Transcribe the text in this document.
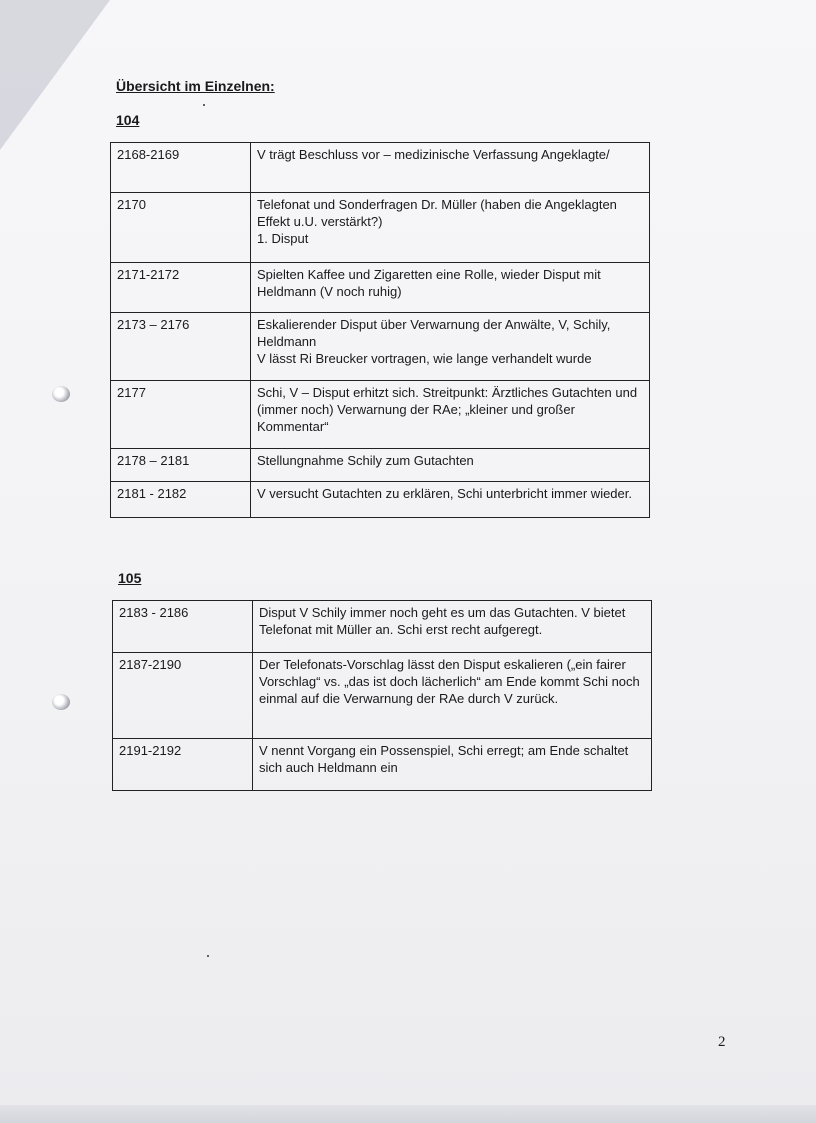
Übersicht im Einzelnen:
104
2168-2169	V trägt Beschluss vor – medizinische Verfassung Angeklagte/
2170	Telefonat und Sonderfragen Dr. Müller (haben die Angeklagten Effekt u.U. verstärkt?)
1. Disput

2171-2172	Spielten Kaffee und Zigaretten eine Rolle, wieder Disput mit Heldmann (V noch ruhig)
2173 – 2176	Eskalierender Disput über Verwarnung der Anwälte, V, Schily, Heldmann
V lässt Ri Breucker vortragen, wie lange verhandelt wurde

2177	Schi, V – Disput erhitzt sich. Streitpunkt: Ärztliches Gutachten und (immer noch) Verwarnung der RAe; „kleiner und großer Kommentar“
2178 – 2181	Stellungnahme Schily zum Gutachten
2181 - 2182	V versucht Gutachten zu erklären, Schi unterbricht immer wieder.
105
2183 - 2186	Disput V Schily immer noch geht es um das Gutachten. V bietet Telefonat mit Müller an. Schi erst recht aufgeregt.
2187-2190	Der Telefonats-Vorschlag lässt den Disput eskalieren („ein fairer Vorschlag“ vs. „das ist doch lächerlich“ am Ende kommt Schi noch einmal auf die Verwarnung der RAe durch V zurück.
2191-2192	V nennt Vorgang ein Possenspiel, Schi erregt; am Ende schaltet sich auch Heldmann ein
2
